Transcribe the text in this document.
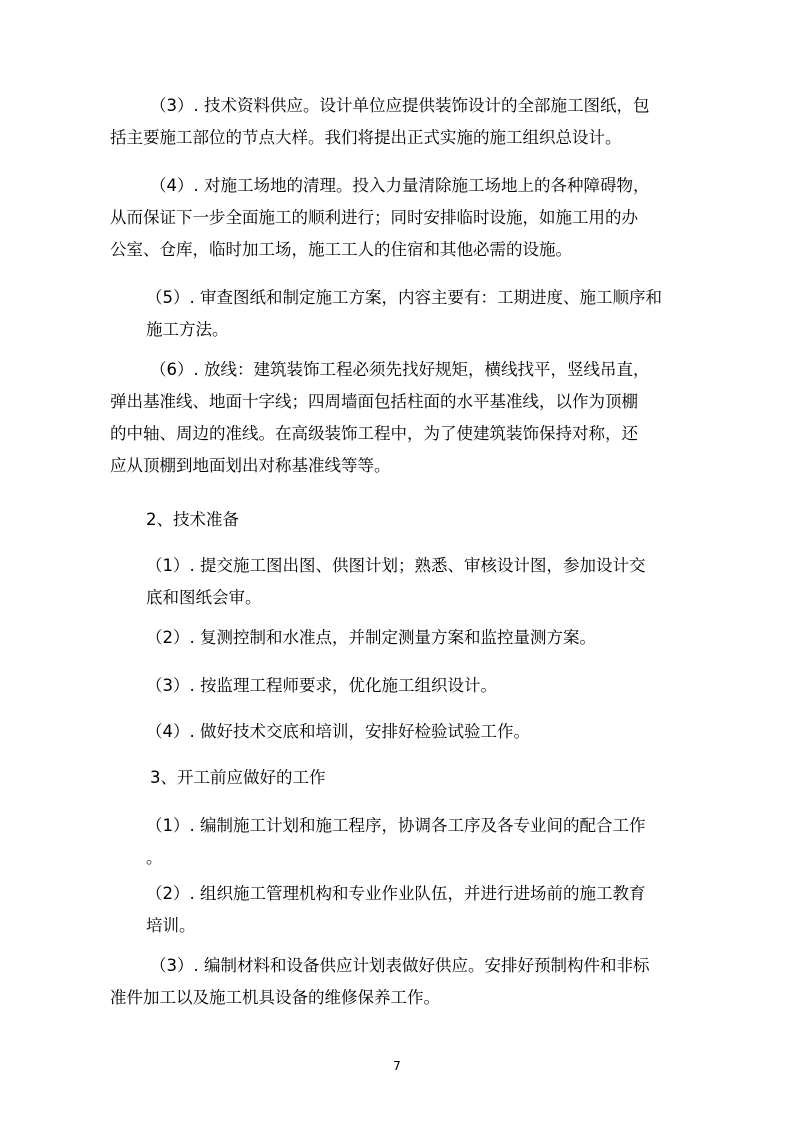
（3）. 技术资料供应。设计单位应提供装饰设计的全部施工图纸，包
括主要施工部位的节点大样。我们将提出正式实施的施工组织总设计。

（4）. 对施工场地的清理。投入力量清除施工场地上的各种障碍物，
从而保证下一步全面施工的顺利进行；同时安排临时设施，如施工用的办
公室、仓库，临时加工场，施工工人的住宿和其他必需的设施。

（5）. 审查图纸和制定施工方案，内容主要有：工期进度、施工顺序和
施工方法。

（6）. 放线：建筑装饰工程必须先找好规矩，横线找平，竖线吊直，
弹出基准线、地面十字线；四周墙面包括柱面的水平基准线，以作为顶棚
的中轴、周边的准线。在高级装饰工程中，为了使建筑装饰保持对称，还
应从顶棚到地面划出对称基准线等等。

2、技术准备

（1）. 提交施工图出图、供图计划；熟悉、审核设计图，参加设计交
底和图纸会审。

（2）. 复测控制和水准点，并制定测量方案和监控量测方案。

（3）. 按监理工程师要求，优化施工组织设计。

（4）. 做好技术交底和培训，安排好检验试验工作。

3、开工前应做好的工作

（1）. 编制施工计划和施工程序，协调各工序及各专业间的配合工作
。

（2）. 组织施工管理机构和专业作业队伍，并进行进场前的施工教育
培训。

（3）. 编制材料和设备供应计划表做好供应。安排好预制构件和非标
准件加工以及施工机具设备的维修保养工作。

7
